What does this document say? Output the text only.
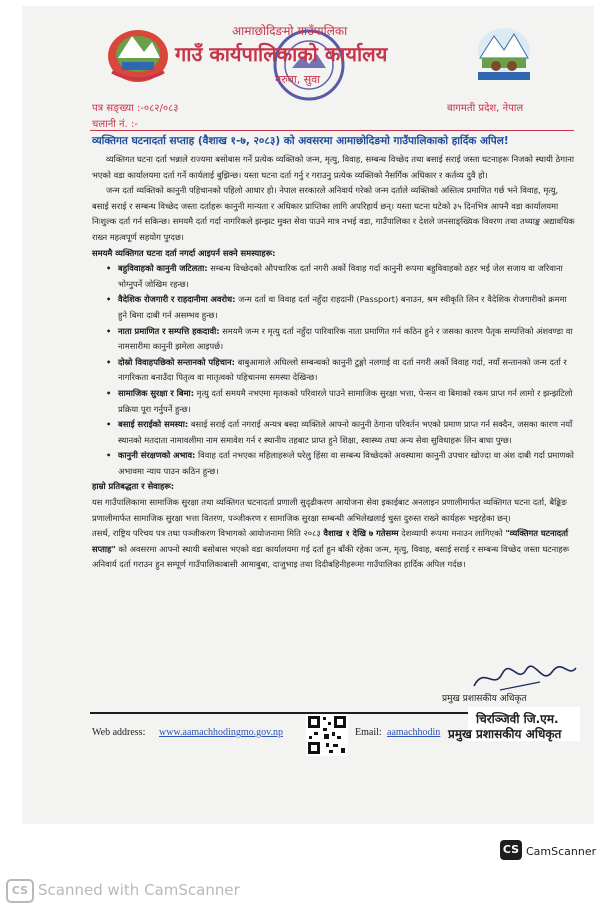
आमाछोदिङमो गाउँपालिका
गाउँ कार्यपालिकाको कार्यालय
गरुवा, सुवा
पत्र सङ्ख्या :-०८२/०८३
चलानी नं. :-
बागमती प्रदेश, नेपाल
व्यक्तिगत घटनादर्ता सप्ताह (वैशाख १-७, २०८३) को अवसरमा आमाछोदिङमो गाउँपालिकाको हार्दिक अपिल!

व्यक्तिगत घटना दर्ता भन्नाले राज्यमा बसोबास गर्ने प्रत्येक व्यक्तिको जन्म, मृत्यु, विवाह, सम्बन्ध विच्छेद तथा बसाई सराई जस्ता घटनाहरू निजको स्थायी ठेगाना भएको वडा कार्यालयमा दर्ता गर्ने कार्यलाई बुझिन्छ। यस्ता घटना दर्ता गर्नु र गराउनु प्रत्येक व्यक्तिको नैसर्गिक अधिकार र कर्तव्य दुवै हो।

जन्म दर्ता व्यक्तिको कानुनी पहिचानको पहिलो आधार हो। नेपाल सरकारले अनिवार्य गरेको जन्म दर्ताले व्यक्तिको अस्तित्व प्रमाणित गर्छ भने विवाह, मृत्यु, बसाई सराई र सम्बन्ध विच्छेद जस्ता दर्ताहरू कानुनी मान्यता र अधिकार प्राप्तिका लागि अपरिहार्य छन्। यस्ता घटना घटेको ३५ दिनभित्र आफ्नै वडा कार्यालयमा निःशुल्क दर्ता गर्न सकिन्छ। समयमै दर्ता गर्दा नागरिकले झन्झट मुक्त सेवा पाउने मात्र नभई वडा, गाउँपालिका र देशले जनसाङ्ख्यिक विवरण तथा तथ्याङ्क अद्यावधिक राख्न महत्वपूर्ण सहयोग पुग्दछ।

समयमै व्यक्तिगत घटना दर्ता नगर्दा आइपर्न सक्ने समस्याहरू:

• बहुविवाहको कानुनी जटिलता: सम्बन्ध विच्छेदको औपचारिक दर्ता नगरी अर्को विवाह गर्दा कानुनी रूपमा बहुविवाहको ठहर भई जेल सजाय वा जरिवाना भोग्नुपर्ने जोखिम रहन्छ।
• वैदेशिक रोजगारी र राहदानीमा अवरोध: जन्म दर्ता वा विवाह दर्ता नहुँदा राहदानी (Passport) बनाउन, श्रम स्वीकृति लिन र वैदेशिक रोजगारीको क्रममा हुने बिमा दाबी गर्न असम्भव हुन्छ।
• नाता प्रमाणित र सम्पत्ति हकदावी: समयमै जन्म र मृत्यु दर्ता नहुँदा पारिवारिक नाता प्रमाणित गर्न कठिन हुने र जसका कारण पैतृक सम्पत्तिको अंशवण्डा वा नामसारीमा कानुनी झमेला आइपर्छ।
• दोस्रो विवाहपछिको सन्तानको पहिचान: बाबुआमाले अघिल्लो सम्बन्धको कानुनी टुङ्गो नलगाई वा दर्ता नगरी अर्को विवाह गर्दा, नयाँ सन्तानको जन्म दर्ता र नागरिकता बनाउँदा पितृत्व वा मातृत्वको पहिचानमा समस्या देखिन्छ।
• सामाजिक सुरक्षा र बिमा: मृत्यु दर्ता समयमै नभएमा मृतकको परिवारले पाउने सामाजिक सुरक्षा भत्ता, पेन्सन वा बिमाको रकम प्राप्त गर्न लामो र झन्झटिलो प्रक्रिया पूरा गर्नुपर्ने हुन्छ।
• बसाई सराईको समस्या: बसाई सराई दर्ता नगराई अन्यत्र बस्दा व्यक्तिले आफ्नो कानुनी ठेगाना परिवर्तन भएको प्रमाण प्राप्त गर्न सक्दैन, जसका कारण नयाँ स्थानको मतदाता नामावलीमा नाम समावेश गर्न र स्थानीय तहबाट प्राप्त हुने शिक्षा, स्वास्थ्य तथा अन्य सेवा सुविधाहरू लिन बाधा पुग्छ।
• कानुनी संरक्षणको अभाव: विवाह दर्ता नभएका महिलाहरूले घरेलु हिंसा वा सम्बन्ध विच्छेदको अवस्थामा कानुनी उपचार खोज्दा वा अंश दाबी गर्दा प्रमाणको अभावमा न्याय पाउन कठिन हुन्छ।

हाम्रो प्रतिबद्धता र सेवाहरू:

यस गाउँपालिकामा सामाजिक सुरक्षा तथा व्यक्तिगत घटनादर्ता प्रणाली सुदृढीकरण आयोजना सेवा इकाईबाट अनलाइन प्रणालीमार्फत व्यक्तिगत घटना दर्ता, बैङ्किङ प्रणालीमार्फत सामाजिक सुरक्षा भत्ता वितरण, पञ्जीकरण र सामाजिक सुरक्षा सम्बन्धी अभिलेखलाई चुस्त दुरुस्त राख्ने कार्यहरू भइरहेका छन्।

तसर्थ, राष्ट्रिय परिचय पत्र तथा पञ्जीकरण विभागको आयोजनामा मिति २०८३ वैशाख १ देखि ७ गतेसम्म देशव्यापी रूपमा मनाउन लागिएको "व्यक्तिगत घटनादर्ता सप्ताह" को अवसरमा आफ्नो स्थायी बसोबास भएको वडा कार्यालयमा गई दर्ता हुन बाँकी रहेका जन्म, मृत्यु, विवाह, बसाई सराई र सम्बन्ध विच्छेद जस्ता घटनाहरू अनिवार्य दर्ता गराउन हुन सम्पूर्ण गाउँपालिकाबासी आमाबुबा, दाजुभाइ तथा दिदीबहिनीहरूमा गाउँपालिका हार्दिक अपिल गर्दछ।

प्रमुख प्रशासकीय अधिकृत
Web address: www.aamachhodingmo.gov.np	Email: aamachhodin
चिरञ्जिवी जि.एम.
प्रमुख प्रशासकीय अधिकृत
CS CamScanner
CS Scanned with CamScanner
